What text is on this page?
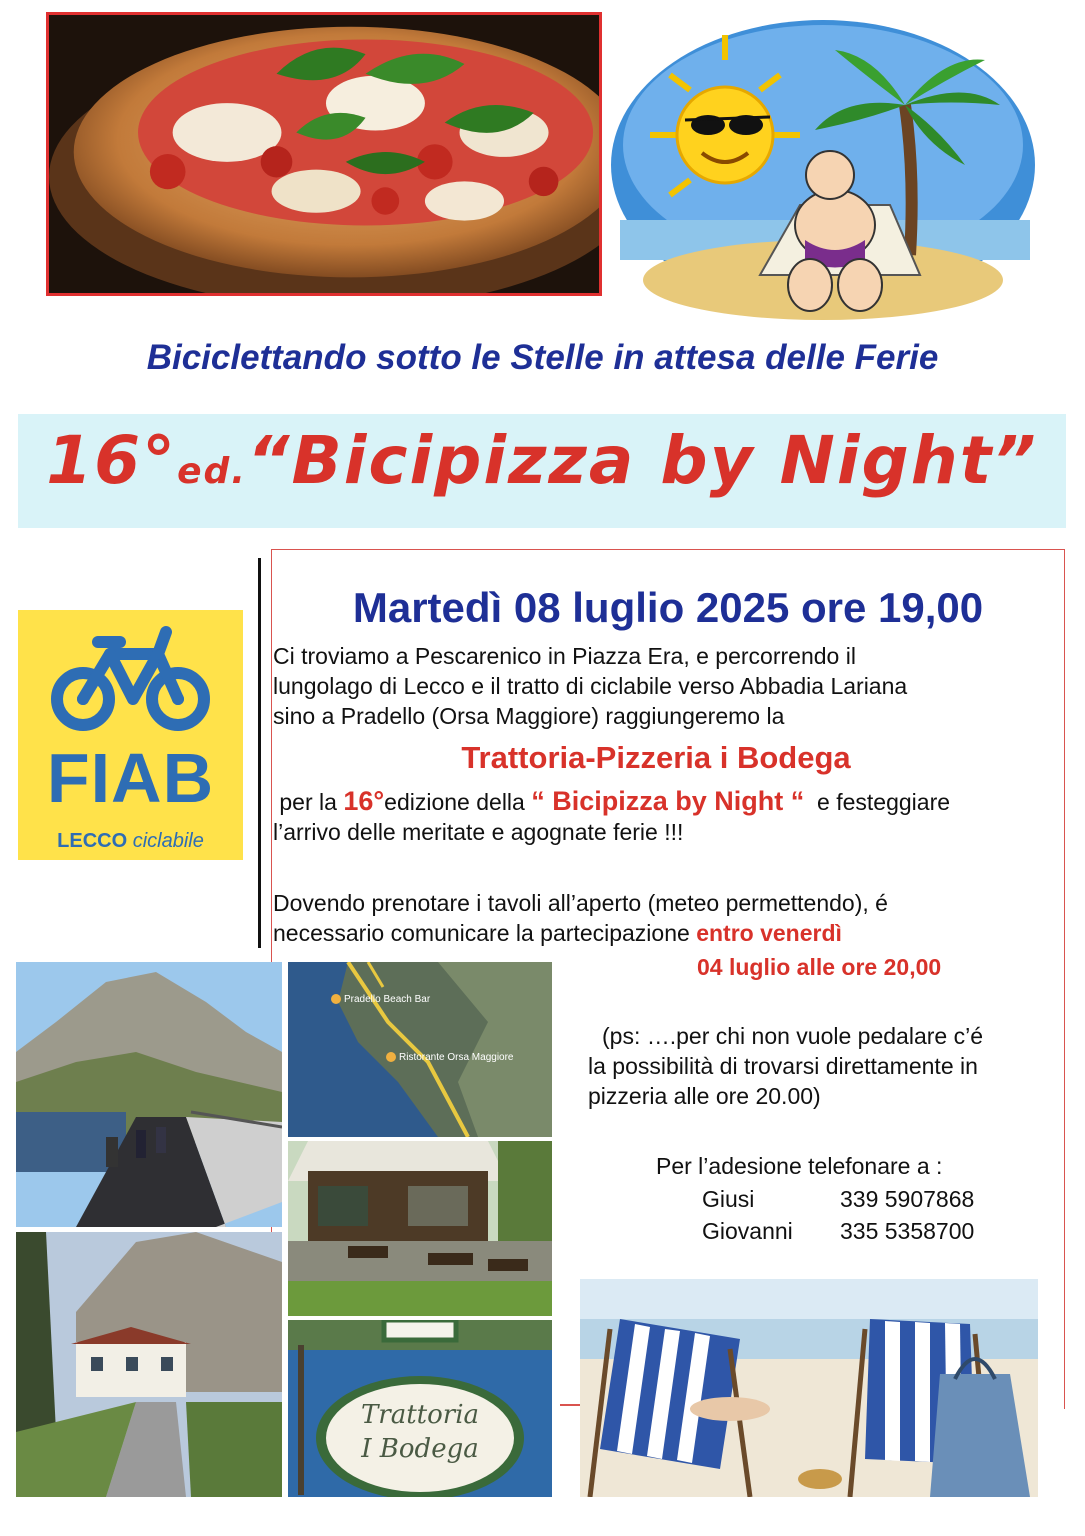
Biciclettando sotto le Stelle in attesa delle Ferie
16°ed.“Bicipizza by Night”
FIAB
LECCO ciclabile
Martedì 08 luglio 2025 ore 19,00
Ci troviamo a Pescarenico in Piazza Era, e percorrendo il
lungolago di Lecco e il tratto di ciclabile verso Abbadia Lariana
sino a Pradello (Orsa Maggiore) raggiungeremo la
Trattoria-Pizzeria i Bodega
per la 16°edizione della “ Bicipizza by Night “  e festeggiare
l’arrivo delle meritate e agognate ferie !!!
Dovendo prenotare i tavoli all’aperto (meteo permettendo), é
necessario comunicare la partecipazione entro venerdì
04 luglio alle ore 20,00
(ps: ….per chi non vuole pedalare c’é
la possibilità di trovarsi direttamente in
pizzeria alle ore 20.00)
Per l’adesione telefonare a :
Giusi	339 5907868
Giovanni 335 5358700
Pradello Beach Bar
Ristorante Orsa Maggiore
Trattoria
I Bodega
